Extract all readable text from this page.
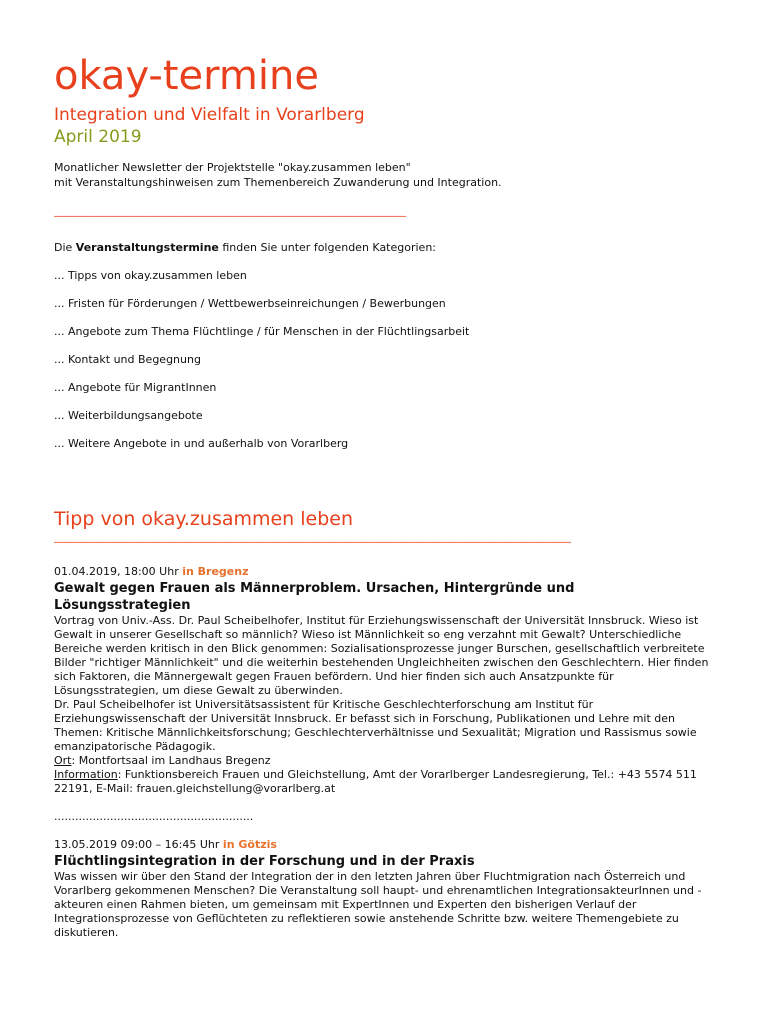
okay-termine
Integration und Vielfalt in Vorarlberg
April 2019
Monatlicher Newsletter der Projektstelle "okay.zusammen leben"
mit Veranstaltungshinweisen zum Themenbereich Zuwanderung und Integration.
________________________________________________________________
Die Veranstaltungstermine finden Sie unter folgenden Kategorien:
... Tipps von okay.zusammen leben
... Fristen für Förderungen / Wettbewerbseinreichungen / Bewerbungen
... Angebote zum Thema Flüchtlinge / für Menschen in der Flüchtlingsarbeit
... Kontakt und Begegnung
... Angebote für MigrantInnen
... Weiterbildungsangebote
... Weitere Angebote in und außerhalb von Vorarlberg
Tipp von okay.zusammen leben
______________________________________________________________________________________________
01.04.2019, 18:00 Uhr in Bregenz
Gewalt gegen Frauen als Männerproblem. Ursachen, Hintergründe und Lösungsstrategien

Vortrag von Univ.-Ass. Dr. Paul Scheibelhofer, Institut für Erziehungswissenschaft der Universität Innsbruck. Wieso ist Gewalt in unserer Gesellschaft so männlich? Wieso ist Männlichkeit so eng verzahnt mit Gewalt? Unterschiedliche Bereiche werden kritisch in den Blick genommen: Sozialisationsprozesse junger Burschen, gesellschaftlich verbreitete Bilder "richtiger Männlichkeit" und die weiterhin bestehenden Ungleichheiten zwischen den Geschlechtern. Hier finden sich Faktoren, die Männergewalt gegen Frauen befördern. Und hier finden sich auch Ansatzpunkte für Lösungsstrategien, um diese Gewalt zu überwinden.

Dr. Paul Scheibelhofer ist Universitätsassistent für Kritische Geschlechterforschung am Institut für Erziehungswissenschaft der Universität Innsbruck. Er befasst sich in Forschung, Publikationen und Lehre mit den Themen: Kritische Männlichkeitsforschung; Geschlechterverhältnisse und Sexualität; Migration und Rassismus sowie emanzipatorische Pädagogik.

Ort: Montfortsaal im Landhaus Bregenz

Information: Funktionsbereich Frauen und Gleichstellung, Amt der Vorarlberger Landesregierung, Tel.: +43 5574 511 22191, E-Mail: frauen.gleichstellung@vorarlberg.at

.........................................................
13.05.2019 09:00 – 16:45 Uhr in Götzis
Flüchtlingsintegration in der Forschung und in der Praxis

Was wissen wir über den Stand der Integration der in den letzten Jahren über Fluchtmigration nach Österreich und Vorarlberg gekommenen Menschen? Die Veranstaltung soll haupt- und ehrenamtlichen IntegrationsakteurInnen und -akteuren einen Rahmen bieten, um gemeinsam mit ExpertInnen und Experten den bisherigen Verlauf der Integrationsprozesse von Geflüchteten zu reflektieren sowie anstehende Schritte bzw. weitere Themengebiete zu diskutieren.
